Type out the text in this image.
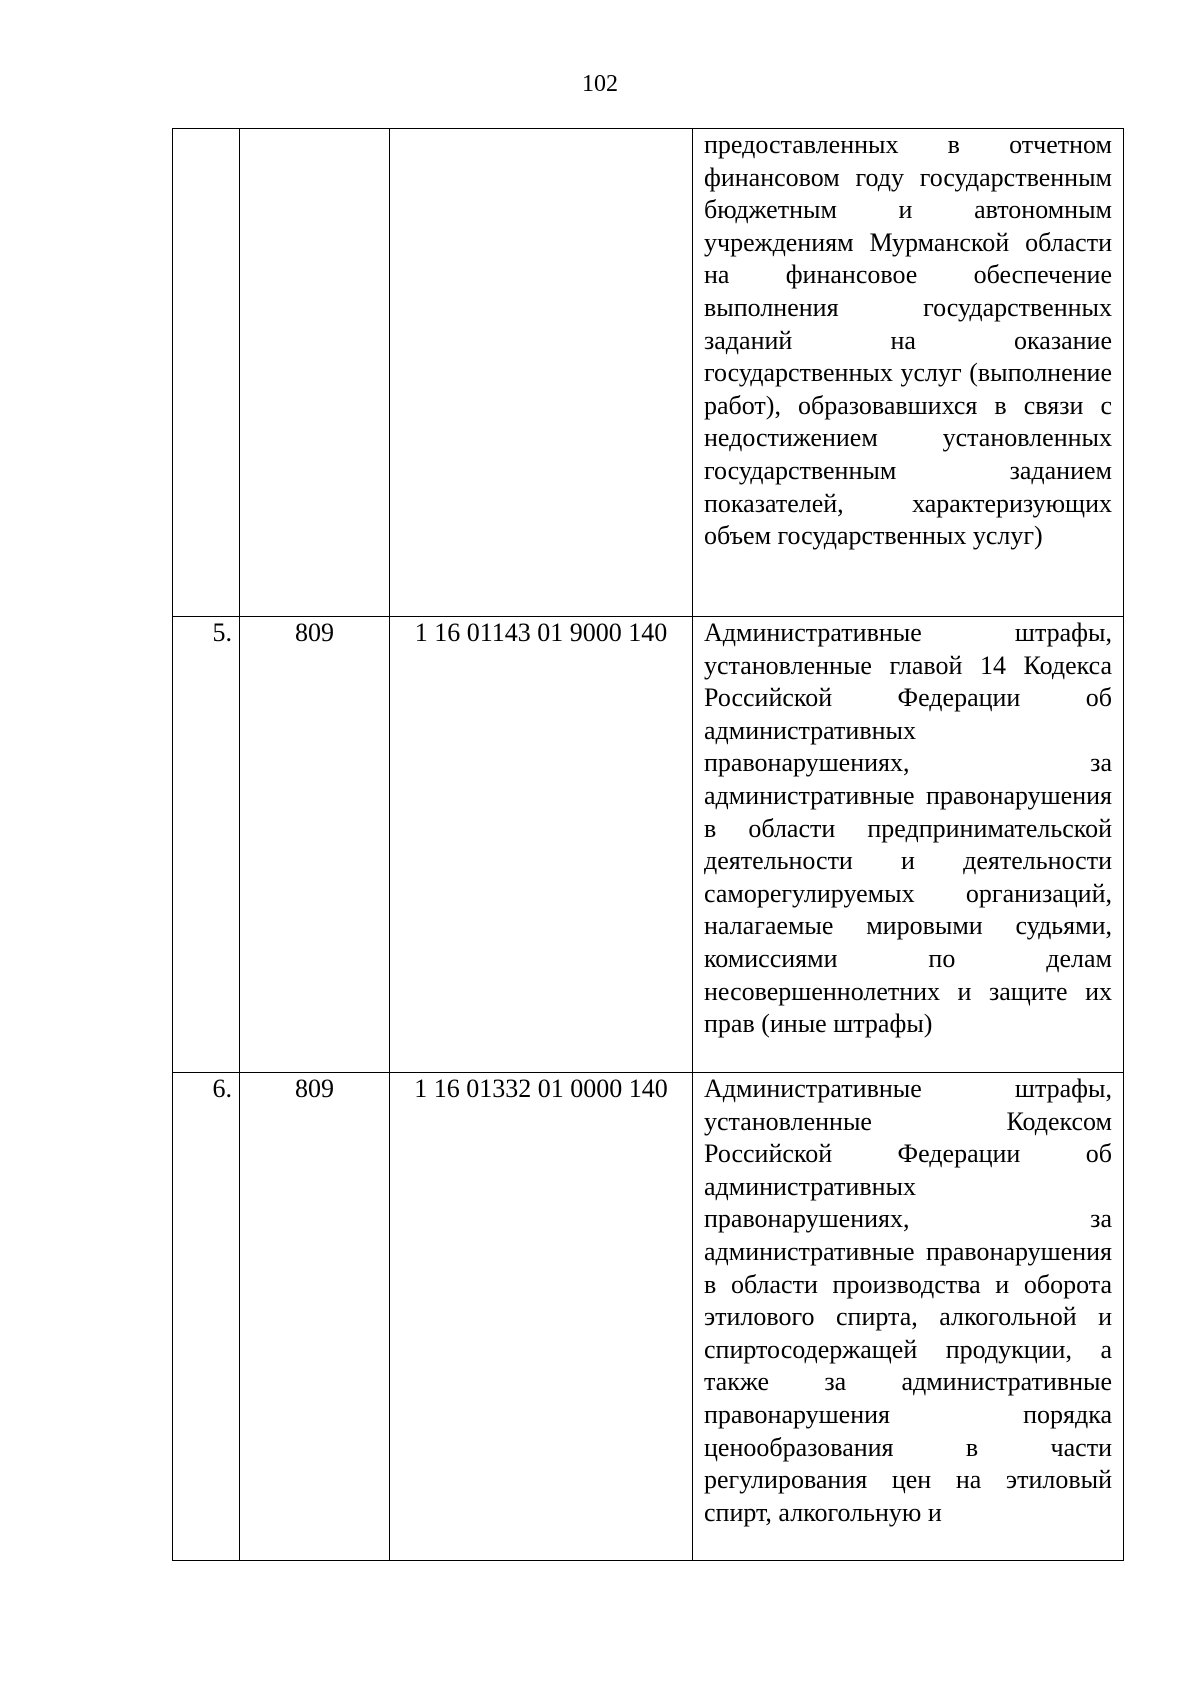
102

			предоставленных в отчетном финансовом году государственным бюджетным и автономным учреждениям Мурманской области на финансовое обеспечение выполнения государственных заданий на оказание государственных услуг (выполнение работ), образовавшихся в связи с недостижением установленных государственным заданием показателей, характеризующих объем государственных услуг)

5.	809	1 16 01143 01 9000 140	Административные штрафы, установленные главой 14 Кодекса Российской Федерации об административных правонарушениях, за административные правонарушения в области предпринимательской деятельности и деятельности саморегулируемых организаций, налагаемые мировыми судьями, комиссиями по делам несовершеннолетних и защите их прав (иные штрафы)

6.	809	1 16 01332 01 0000 140	Административные штрафы, установленные Кодексом Российской Федерации об административных правонарушениях, за административные правонарушения в области производства и оборота этилового спирта, алкогольной и спиртосодержащей продукции, а также за административные правонарушения порядка ценообразования в части регулирования цен на этиловый спирт, алкогольную и
